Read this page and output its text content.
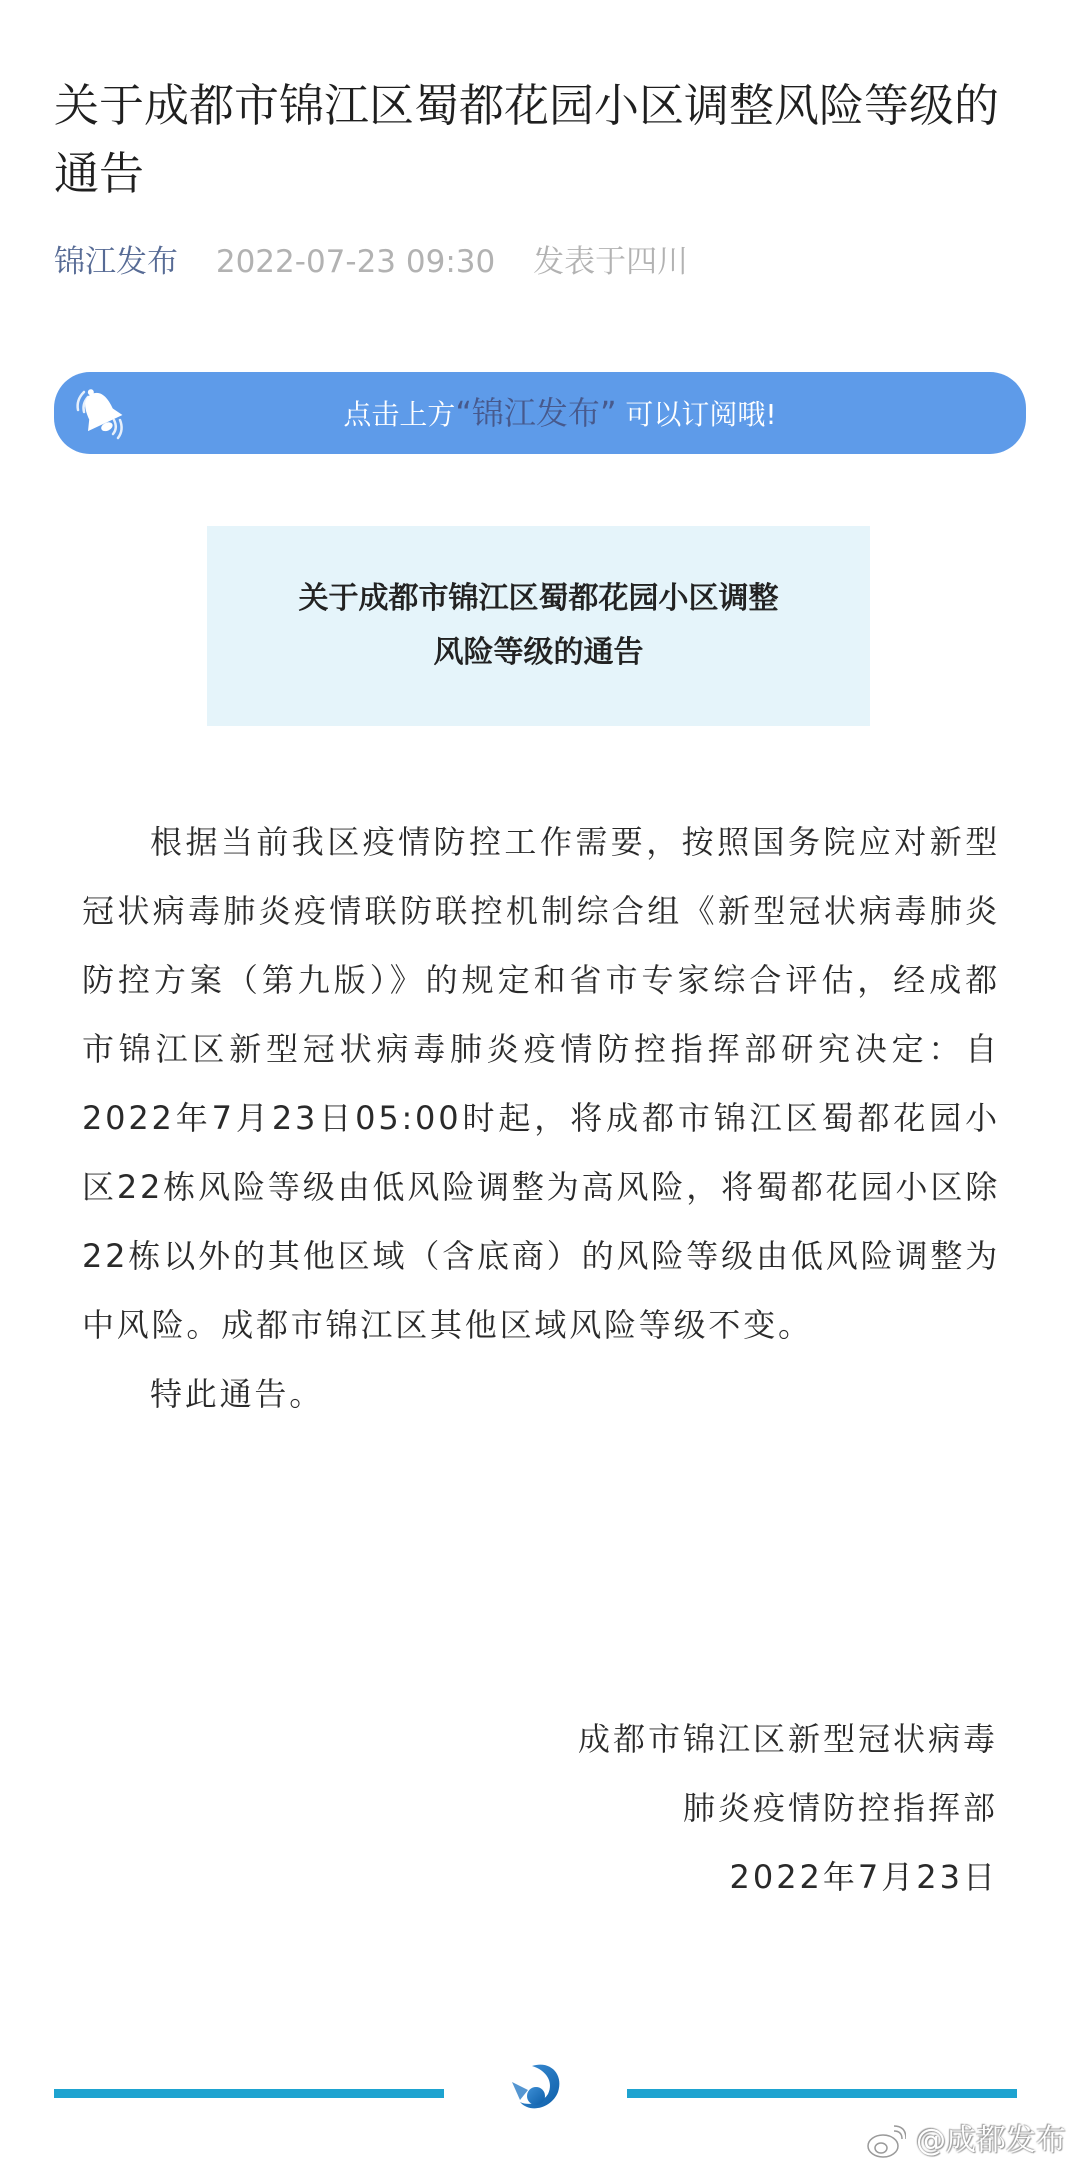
关于成都市锦江区蜀都花园小区调整风险等级的通告
锦江发布 2022-07-23 09:30 发表于四川
点击上方“锦江发布” 可以订阅哦!
关于成都市锦江区蜀都花园小区调整
风险等级的通告

根据当前我区疫情防控工作需要，按照国务院应对新型冠状病毒肺炎疫情联防联控机制综合组《新型冠状病毒肺炎防控方案（第九版）》的规定和省市专家综合评估，经成都市锦江区新型冠状病毒肺炎疫情防控指挥部研究决定：自2022年7月23日05:00时起，将成都市锦江区蜀都花园小区22栋风险等级由低风险调整为高风险，将蜀都花园小区除22栋以外的其他区域（含底商）的风险等级由低风险调整为中风险。成都市锦江区其他区域风险等级不变。

特此通告。

成都市锦江区新型冠状病毒
肺炎疫情防控指挥部
2022年7月23日
@成都发布
